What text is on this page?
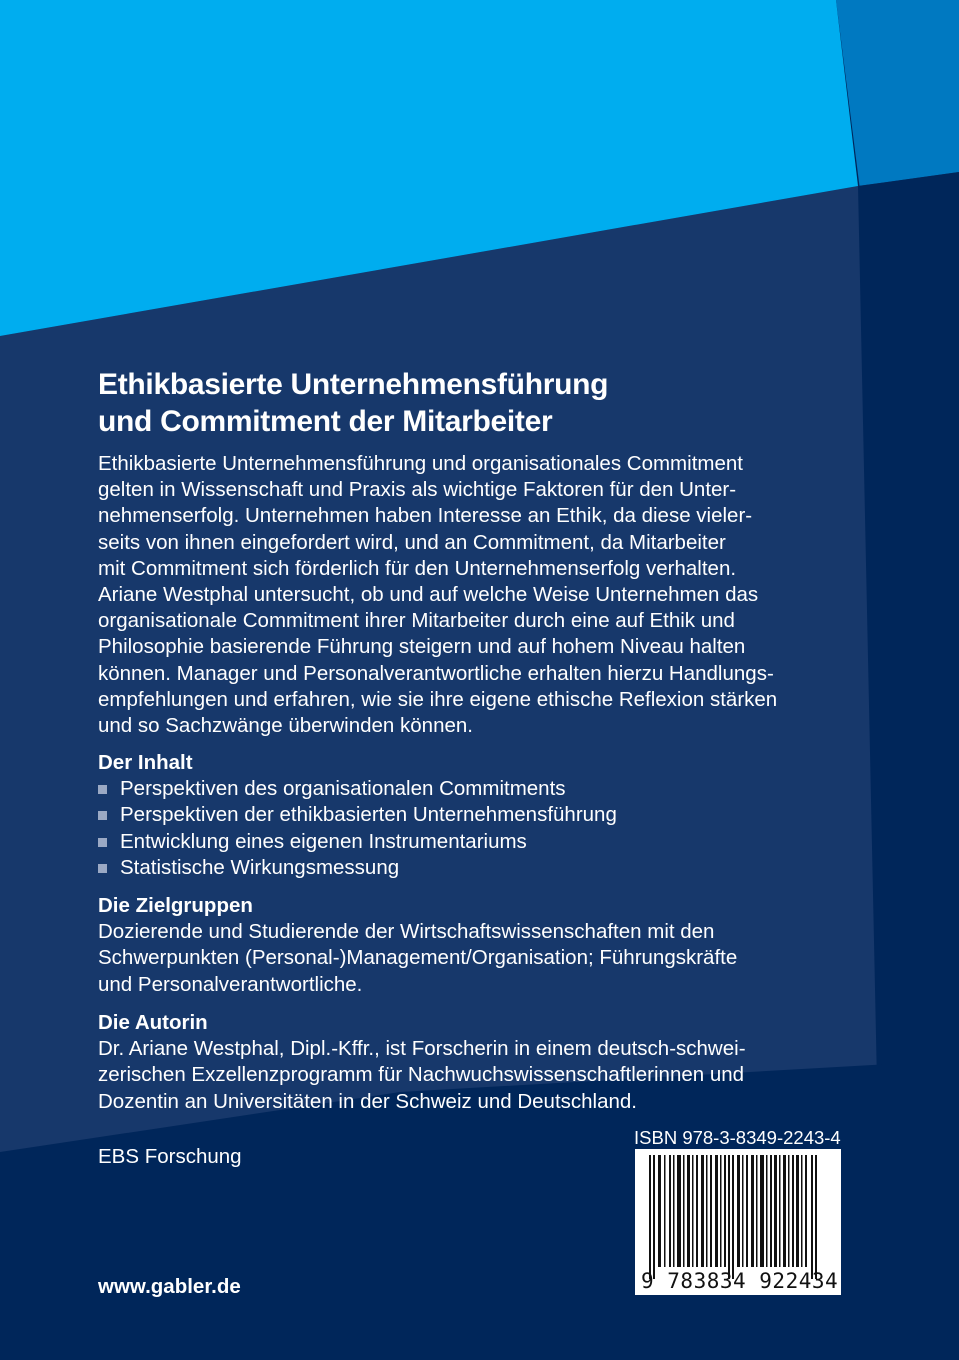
Ethikbasierte Unternehmensführung
und Commitment der Mitarbeiter
Ethikbasierte Unternehmensführung und organisationales Commitment
gelten in Wissenschaft und Praxis als wichtige Faktoren für den Unter-
nehmenserfolg. Unternehmen haben Interesse an Ethik, da diese vieler-
seits von ihnen eingefordert wird, und an Commitment, da Mitarbeiter
mit Commitment sich förderlich für den Unternehmenserfolg verhalten.
Ariane Westphal untersucht, ob und auf welche Weise Unternehmen das
organisationale Commitment ihrer Mitarbeiter durch eine auf Ethik und
Philosophie basierende Führung steigern und auf hohem Niveau halten
können. Manager und Personalverantwortliche erhalten hierzu Handlungs-
empfehlungen und erfahren, wie sie ihre eigene ethische Reflexion stärken
und so Sachzwänge überwinden können.
Der Inhalt
Perspektiven des organisationalen Commitments
Perspektiven der ethikbasierten Unternehmensführung
Entwicklung eines eigenen Instrumentariums
Statistische Wirkungsmessung
Die Zielgruppen
Dozierende und Studierende der Wirtschaftswissenschaften mit den
Schwerpunkten (Personal-)Management/Organisation; Führungskräfte
und Personalverantwortliche.
Die Autorin
Dr. Ariane Westphal, Dipl.-Kffr., ist Forscherin in einem deutsch-schwei-
zerischen Exzellenzprogramm für Nachwuchswissenschaftlerinnen und
Dozentin an Universitäten in der Schweiz und Deutschland.
EBS Forschung
www.gabler.de
ISBN 978-3-8349-2243-4
9 783834 922434
